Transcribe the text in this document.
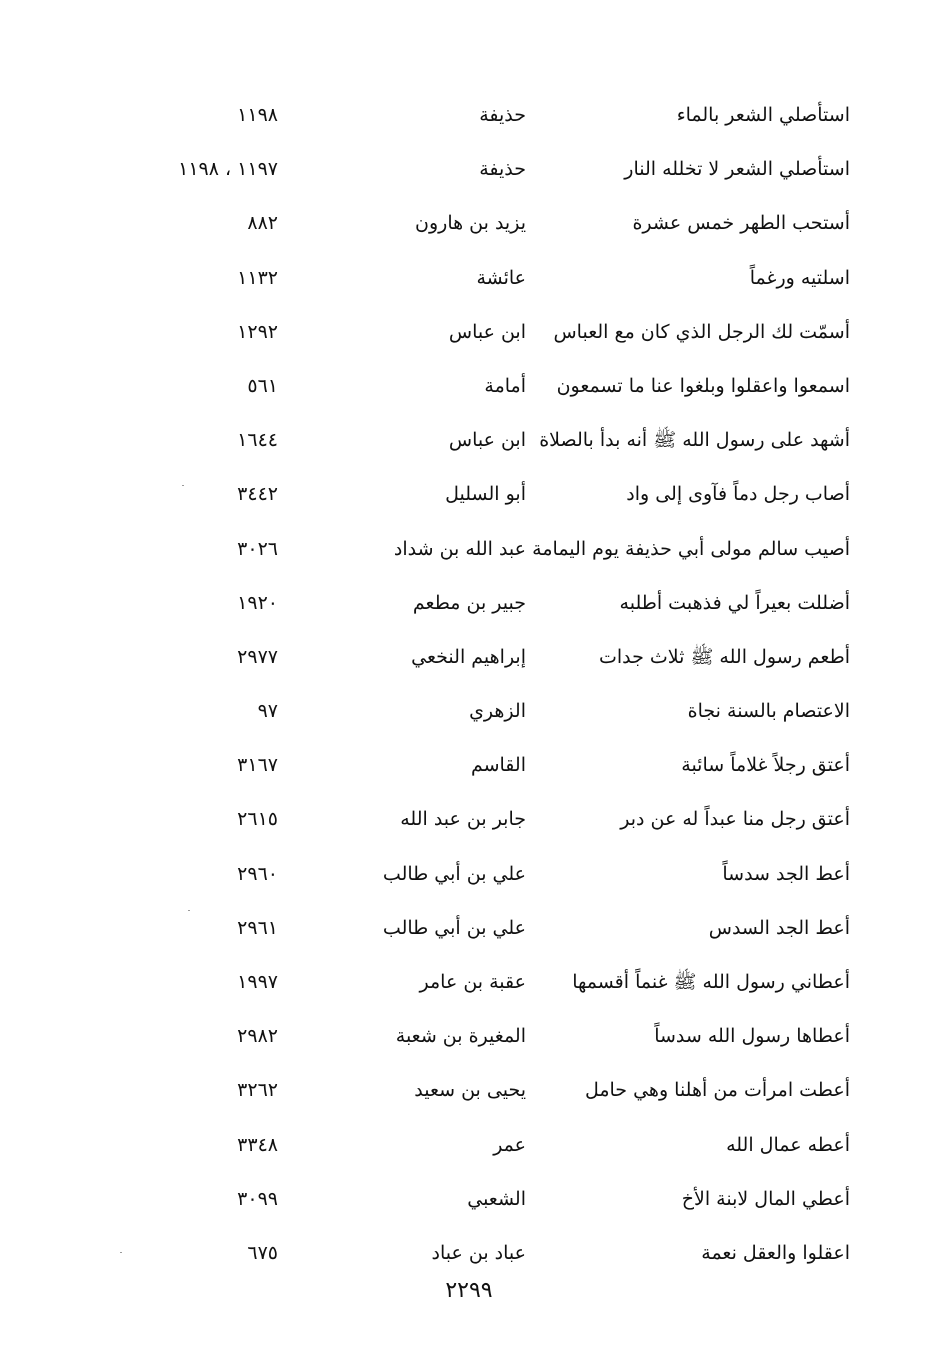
استأصلي الشعر بالماء
حذيفة
١١٩٨
استأصلي الشعر لا تخلله النار
حذيفة
١١٩٧ ، ١١٩٨
أستحب الطهر خمس عشرة
يزيد بن هارون
٨٨٢
اسلتيه ورغماً
عائشة
١١٣٢
أسمّت لك الرجل الذي كان مع العباس
ابن عباس
١٢٩٢
اسمعوا واعقلوا وبلغوا عنا ما تسمعون
أمامة
٥٦١
أشهد على رسول الله ﷺ أنه بدأ بالصلاة
ابن عباس
١٦٤٤
أصاب رجل دماً فآوى إلى واد
أبو السليل
٣٤٤٢
أصيب سالم مولى أبي حذيفة يوم اليمامة
عبد الله بن شداد
٣٠٢٦
أضللت بعيراً لي فذهبت أطلبه
جبير بن مطعم
١٩٢٠
أطعم رسول الله ﷺ ثلاث جدات
إبراهيم النخعي
٢٩٧٧
الاعتصام بالسنة نجاة
الزهري
٩٧
أعتق رجلاً غلاماً سائبة
القاسم
٣١٦٧
أعتق رجل منا عبداً له عن دبر
جابر بن عبد الله
٢٦١٥
أعط الجد سدساً
علي بن أبي طالب
٢٩٦٠
أعط الجد السدس
علي بن أبي طالب
٢٩٦١
أعطاني رسول الله ﷺ غنماً أقسمها
عقبة بن عامر
١٩٩٧
أعطاها رسول الله سدساً
المغيرة بن شعبة
٢٩٨٢
أعطت امرأت من أهلنا وهي حامل
يحيى بن سعيد
٣٢٦٢
أعطه عمال الله
عمر
٣٣٤٨
أعطي المال لابنة الأخ
الشعبي
٣٠٩٩
اعقلوا والعقل نعمة
عباد بن عباد
٦٧٥
٢٢٩٩
